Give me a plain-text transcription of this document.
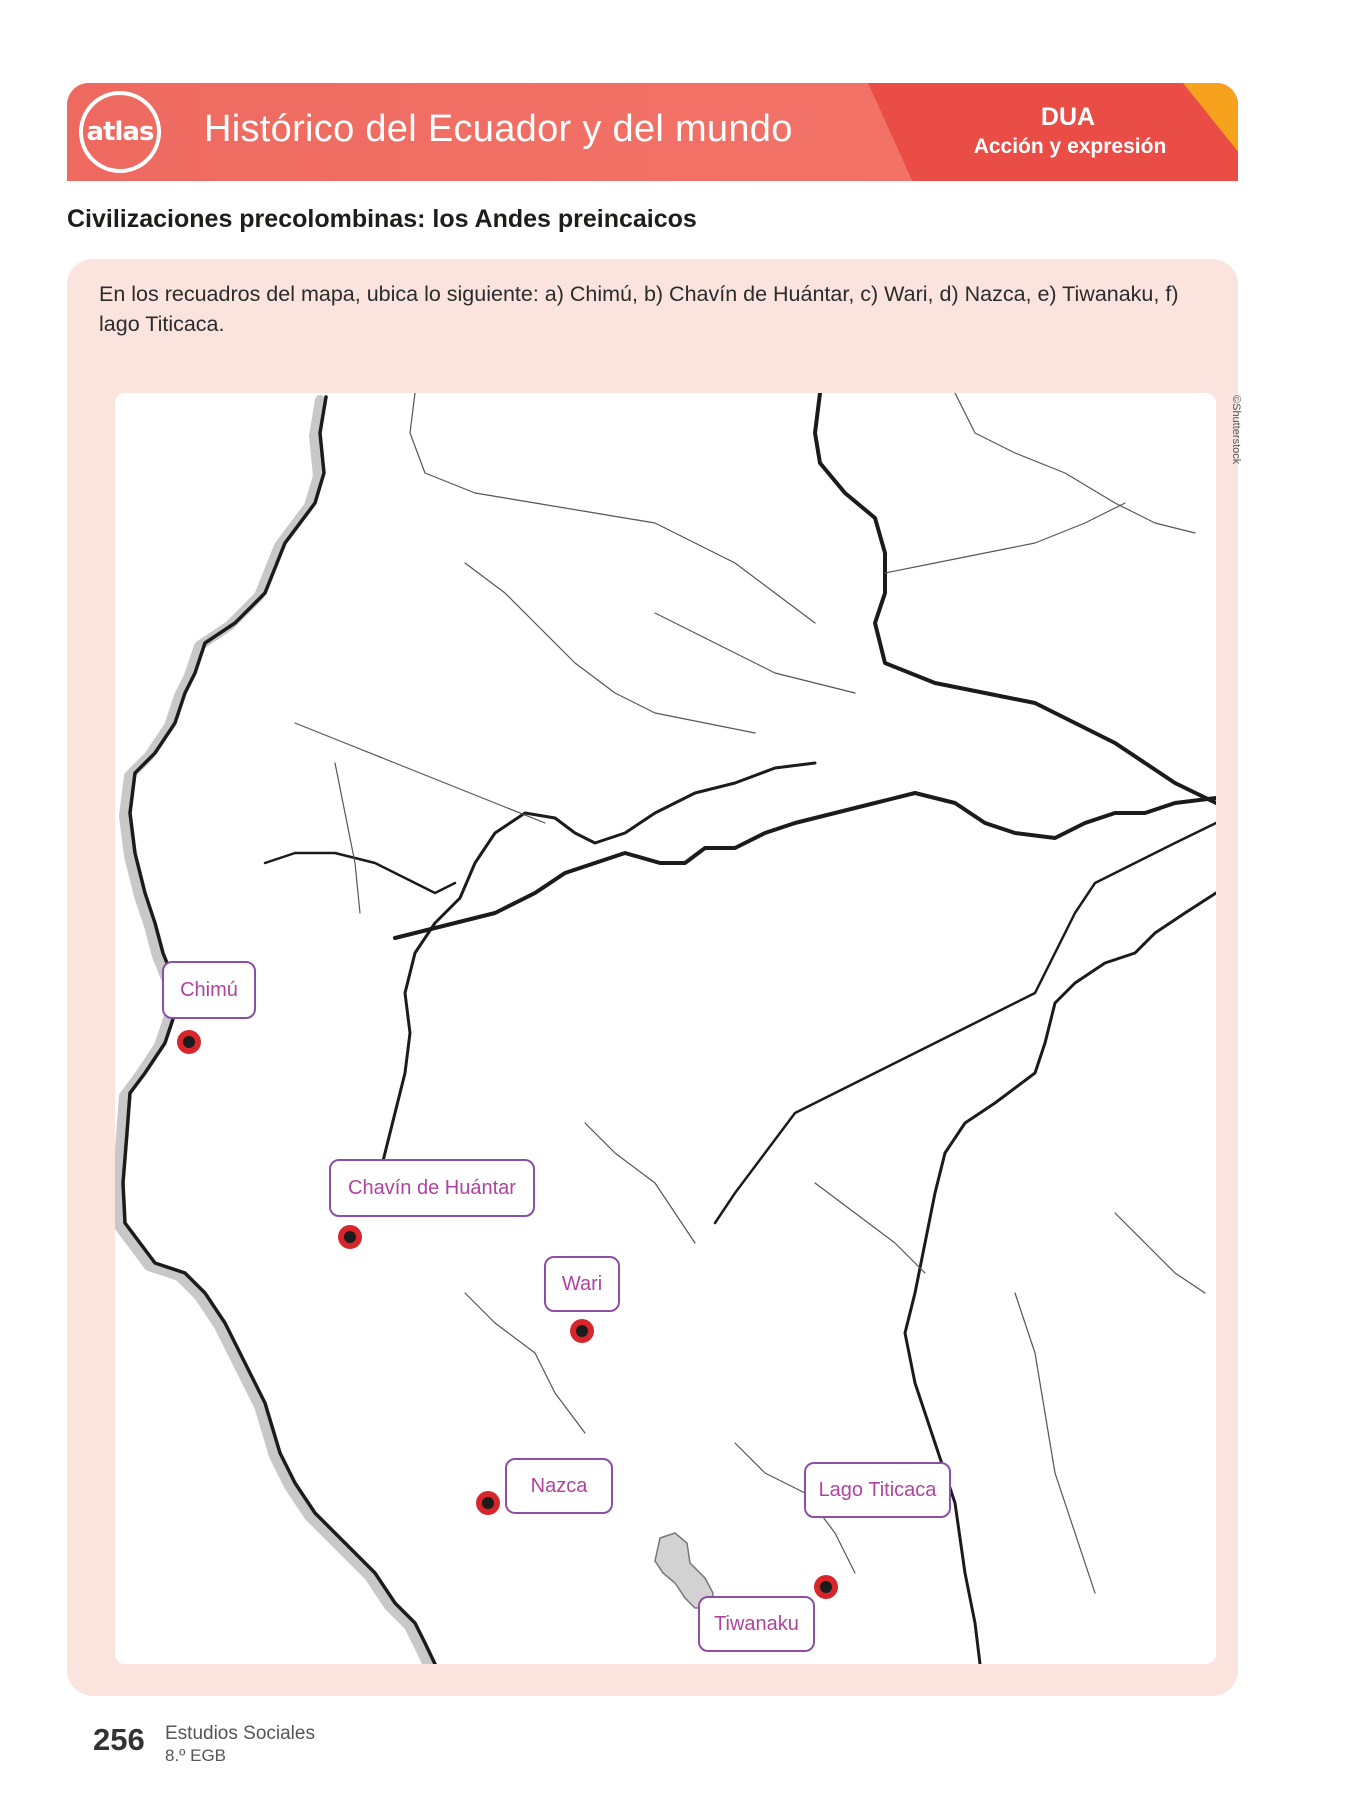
atlas Histórico del Ecuador y del mundo	DUA
Acción y expresión
Civilizaciones precolombinas: los Andes preincaicos
En los recuadros del mapa, ubica lo siguiente: a) Chimú, b) Chavín de Huántar, c) Wari, d) Nazca, e) Tiwanaku, f) lago Titicaca.
©Shutterstock
Chimú
Chavín de Huántar
Wari
Nazca	Lago Titicaca
Tiwanaku
256 Estudios Sociales
8.º EGB
